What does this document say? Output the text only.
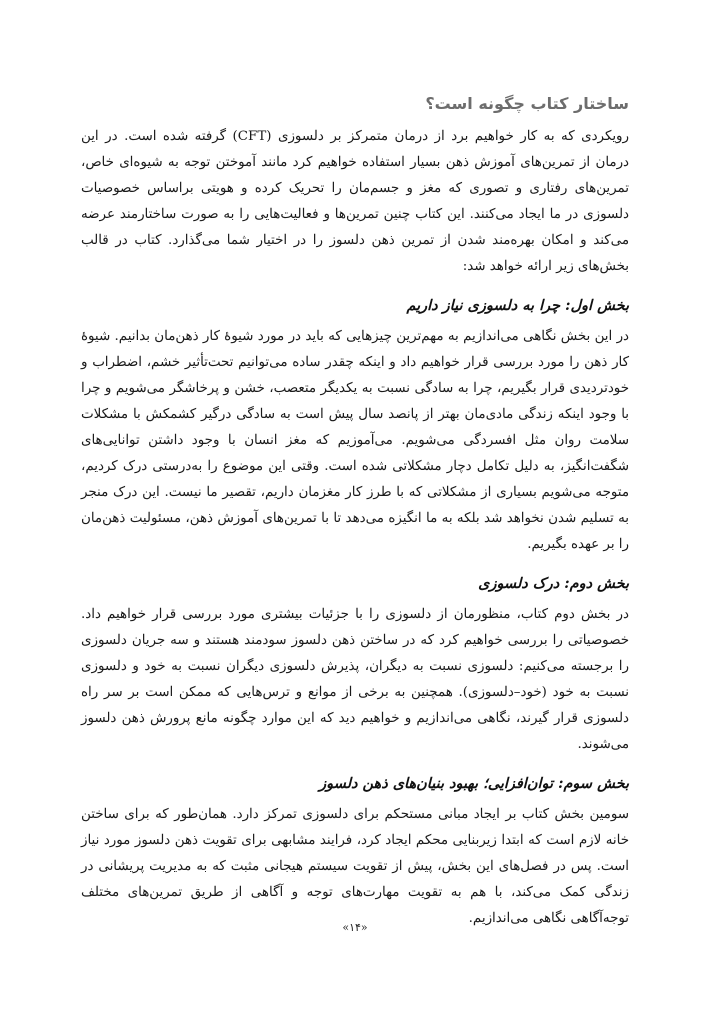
ساختار کتاب چگونه است؟

رویکردی که به کار خواهیم برد از درمان متمرکز بر دلسوزی (CFT) گرفته شده است. در این درمان از تمرین‌های آموزش ذهن بسیار استفاده خواهیم کرد مانند آموختن توجه به شیوه‌ای خاص، تمرین‌های رفتاری و تصوری که مغز و جسم‌مان را تحریک کرده و هویتی براساس خصوصیات دلسوزی در ما ایجاد می‌کنند. این کتاب چنین تمرین‌ها و فعالیت‌هایی را به صورت ساختارمند عرضه می‌کند و امکان بهره‌مند شدن از تمرین ذهن دلسوز را در اختیار شما می‌گذارد. کتاب در قالب بخش‌های زیر ارائه خواهد شد:

بخش اول: چرا به دلسوزی نیاز داریم

در این بخش نگاهی می‌اندازیم به مهم‌ترین چیزهایی که باید در مورد شیوهٔ کار ذهن‌مان بدانیم. شیوهٔ کار ذهن را مورد بررسی قرار خواهیم داد و اینکه چقدر ساده می‌توانیم تحت‌تأثیر خشم، اضطراب و خودتردیدی قرار بگیریم، چرا به سادگی نسبت به یکدیگر متعصب، خشن و پرخاشگر می‌شویم و چرا با وجود اینکه زندگی مادی‌مان بهتر از پانصد سال پیش است به سادگی درگیر کشمکش با مشکلات سلامت روان مثل افسردگی می‌شویم. می‌آموزیم که مغز انسان با وجود داشتن توانایی‌های شگفت‌انگیز، به دلیل تکامل دچار مشکلاتی شده است. وقتی این موضوع را به‌درستی درک کردیم، متوجه می‌شویم بسیاری از مشکلاتی که با طرز کار مغزمان داریم، تقصیر ما نیست. این درک منجر به تسلیم شدن نخواهد شد بلکه به ما انگیزه می‌دهد تا با تمرین‌های آموزش ذهن، مسئولیت ذهن‌مان را بر عهده بگیریم.

بخش دوم: درک دلسوزی

در بخش دوم کتاب، منظورمان از دلسوزی را با جزئیات بیشتری مورد بررسی قرار خواهیم داد. خصوصیاتی را بررسی خواهیم کرد که در ساختن ذهن دلسوز سودمند هستند و سه جریان دلسوزی را برجسته می‌کنیم: دلسوزی نسبت به دیگران، پذیرش دلسوزی دیگران نسبت به خود و دلسوزی نسبت به خود (خود–دلسوزی). همچنین به برخی از موانع و ترس‌هایی که ممکن است بر سر راه دلسوزی قرار گیرند، نگاهی می‌اندازیم و خواهیم دید که این موارد چگونه مانع پرورش ذهن دلسوز می‌شوند.

بخش سوم: توان‌افزایی؛ بهبود بنیان‌های ذهن دلسوز

سومین بخش کتاب بر ایجاد مبانی مستحکم برای دلسوزی تمرکز دارد. همان‌طور که برای ساختن خانه لازم است که ابتدا زیربنایی محکم ایجاد کرد، فرایند مشابهی برای تقویت ذهن دلسوز مورد نیاز است. پس در فصل‌های این بخش، پیش از تقویت سیستم هیجانی مثبت که به مدیریت پریشانی در زندگی کمک می‌کند، با هم به تقویت مهارت‌های توجه و آگاهی از طریق تمرین‌های مختلف توجه‌آگاهی نگاهی می‌اندازیم.

«۱۴»
